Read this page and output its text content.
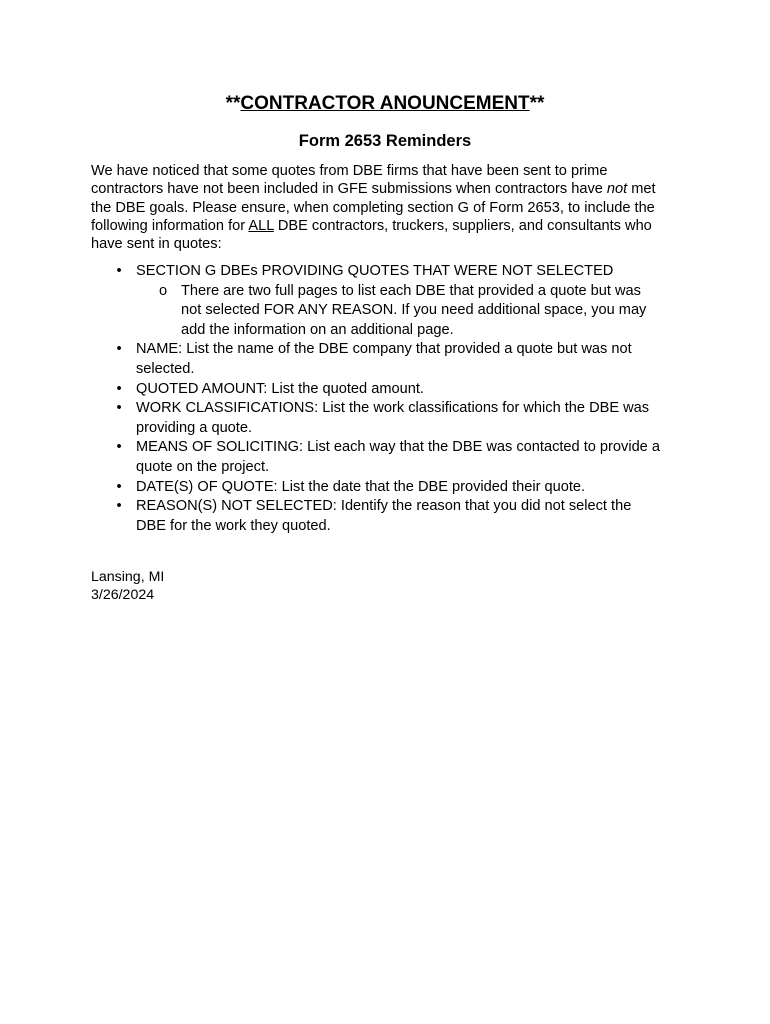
**CONTRACTOR ANOUNCEMENT**
Form 2653 Reminders
We have noticed that some quotes from DBE firms that have been sent to prime
contractors have not been included in GFE submissions when contractors have not met
the DBE goals. Please ensure, when completing section G of Form 2653, to include the
following information for ALL DBE contractors, truckers, suppliers, and consultants who
have sent in quotes:
• SECTION G DBEs PROVIDING QUOTES THAT WERE NOT SELECTED
o There are two full pages to list each DBE that provided a quote but was
not selected FOR ANY REASON. If you need additional space, you may
add the information on an additional page.
• NAME: List the name of the DBE company that provided a quote but was not
selected.
• QUOTED AMOUNT: List the quoted amount.
• WORK CLASSIFICATIONS: List the work classifications for which the DBE was
providing a quote.
• MEANS OF SOLICITING: List each way that the DBE was contacted to provide a
quote on the project.
• DATE(S) OF QUOTE: List the date that the DBE provided their quote.
• REASON(S) NOT SELECTED: Identify the reason that you did not select the
DBE for the work they quoted.
Lansing, MI
3/26/2024
